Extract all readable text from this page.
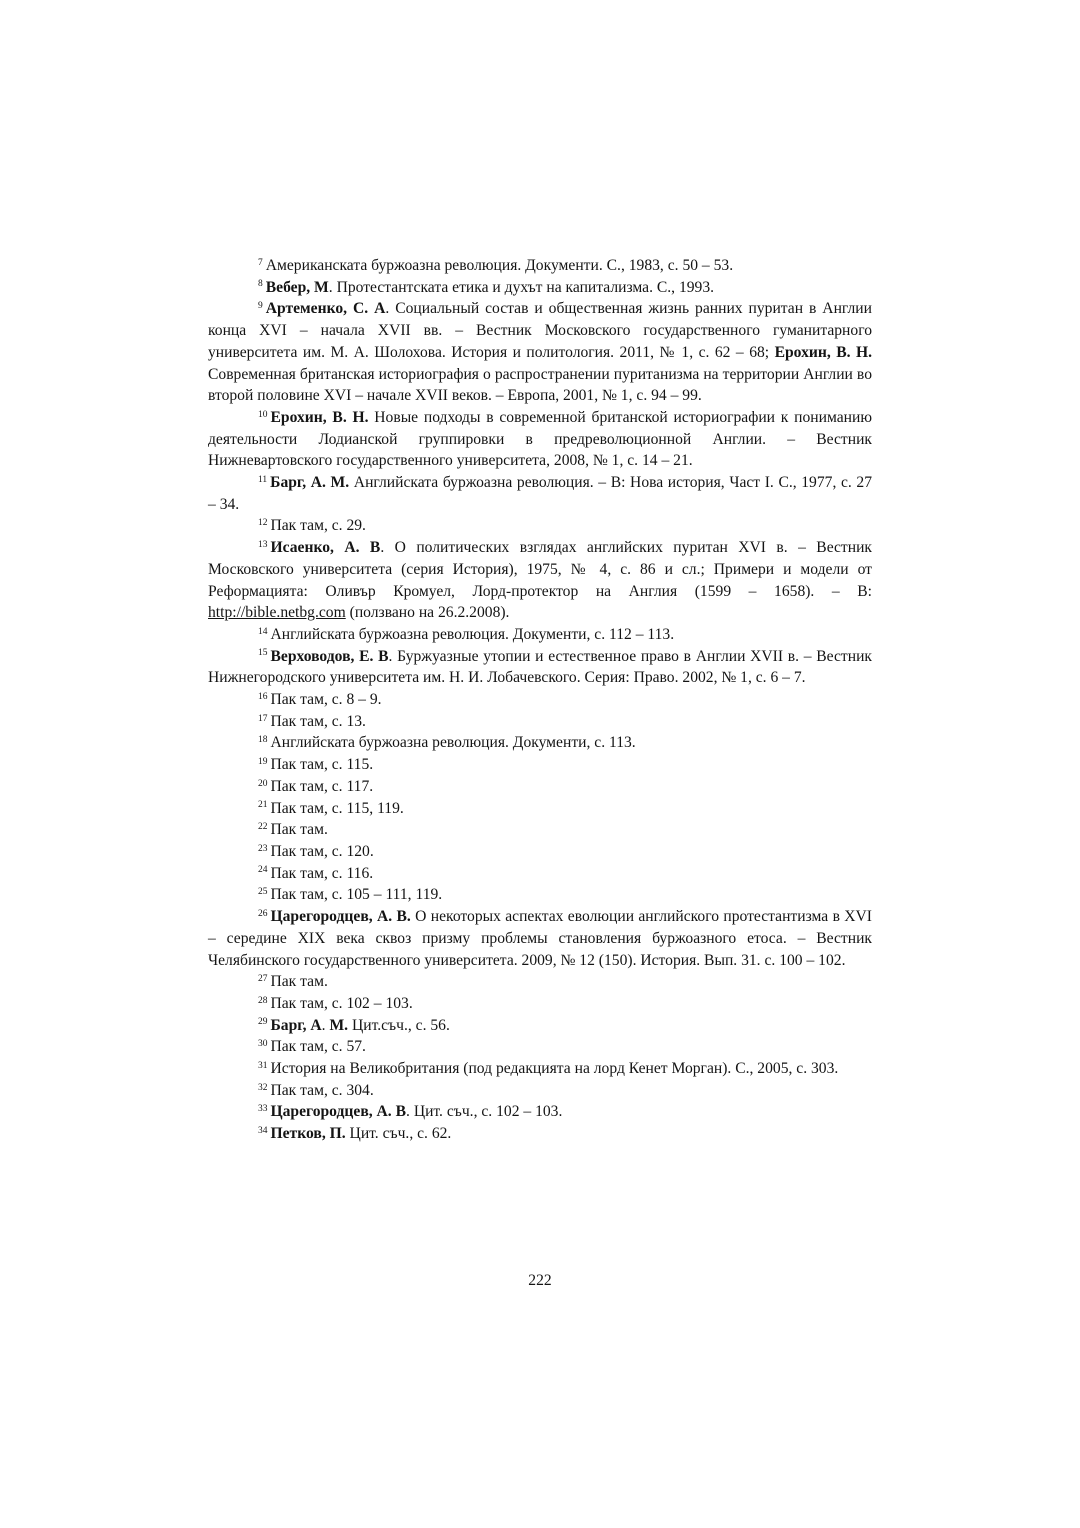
$^7$ Американската буржоазна революция. Документи. С., 1983, с. 50 – 53.

$^8$ Вебер, М. Протестантската етика и духът на капитализма. С., 1993.

$^9$ Артеменко, С. А. Социальный состав и общественная жизнь ранних пуритан в Англии конца XVI – начала XVII вв. – Вестник Московского государственного гуманитарного университета им. М. А. Шолохова. История и политология. 2011, № 1, с. 62 – 68; Ерохин, В. Н. Современная британская историография о распространении пуританизма на территории Англии во второй половине XVI – начале XVII веков. – Европа, 2001, № 1, с. 94 – 99.

$^{10}$ Ерохин, В. Н. Новые подходы в современной британской историографии к пониманию деятельности Лодианской группировки в предреволюционной Англии. – Вестник Нижневартовского государственного университета, 2008, № 1, с. 14 – 21.

$^{11}$ Барг, А. М. Английската буржоазна революция. – В: Нова история, Част I. С., 1977, с. 27 – 34.

$^{12}$ Пак там, с. 29.

$^{13}$ Исаенко, А. В. О политических взглядах английских пуритан XVI в. – Вестник Московского университета (серия История), 1975, № 4, с. 86 и сл.; Примери и модели от Реформацията: Оливър Кромуел, Лорд-протектор на Англия (1599 – 1658). – В: http://bible.netbg.com (ползвано на 26.2.2008).

$^{14}$ Английската буржоазна революция. Документи, с. 112 – 113.

$^{15}$ Верховодов, Е. В. Буржуазные утопии и естественное право в Англии XVII в. – Вестник Нижнегородского университета им. Н. И. Лобачевского. Серия: Право. 2002, № 1, с. 6 – 7.

$^{16}$ Пак там, с. 8 – 9.

$^{17}$ Пак там, с. 13.

$^{18}$ Английската буржоазна революция. Документи, с. 113.

$^{19}$ Пак там, с. 115.

$^{20}$ Пак там, с. 117.

$^{21}$ Пак там, с. 115, 119.

$^{22}$ Пак там.

$^{23}$ Пак там, с. 120.

$^{24}$ Пак там, с. 116.

$^{25}$ Пак там, с. 105 – 111, 119.

$^{26}$ Царегородцев, А. В. О некоторых аспектах еволюции английского протестантизма в XVI – середине XIX века сквоз призму проблемы становления буржоазного етоса. – Вестник Челябинского государственного университета. 2009, № 12 (150). История. Вып. 31. с. 100 – 102.

$^{27}$ Пак там.

$^{28}$ Пак там, с. 102 – 103.

$^{29}$ Барг, А. М. Цит.съч., с. 56.

$^{30}$ Пак там, с. 57.

$^{31}$ История на Великобритания (под редакцията на лорд Кенет Морган). С., 2005, с. 303.

$^{32}$ Пак там, с. 304.

$^{33}$ Царегородцев, А. В. Цит. съч., с. 102 – 103.

$^{34}$ Петков, П. Цит. съч., с. 62.

222
